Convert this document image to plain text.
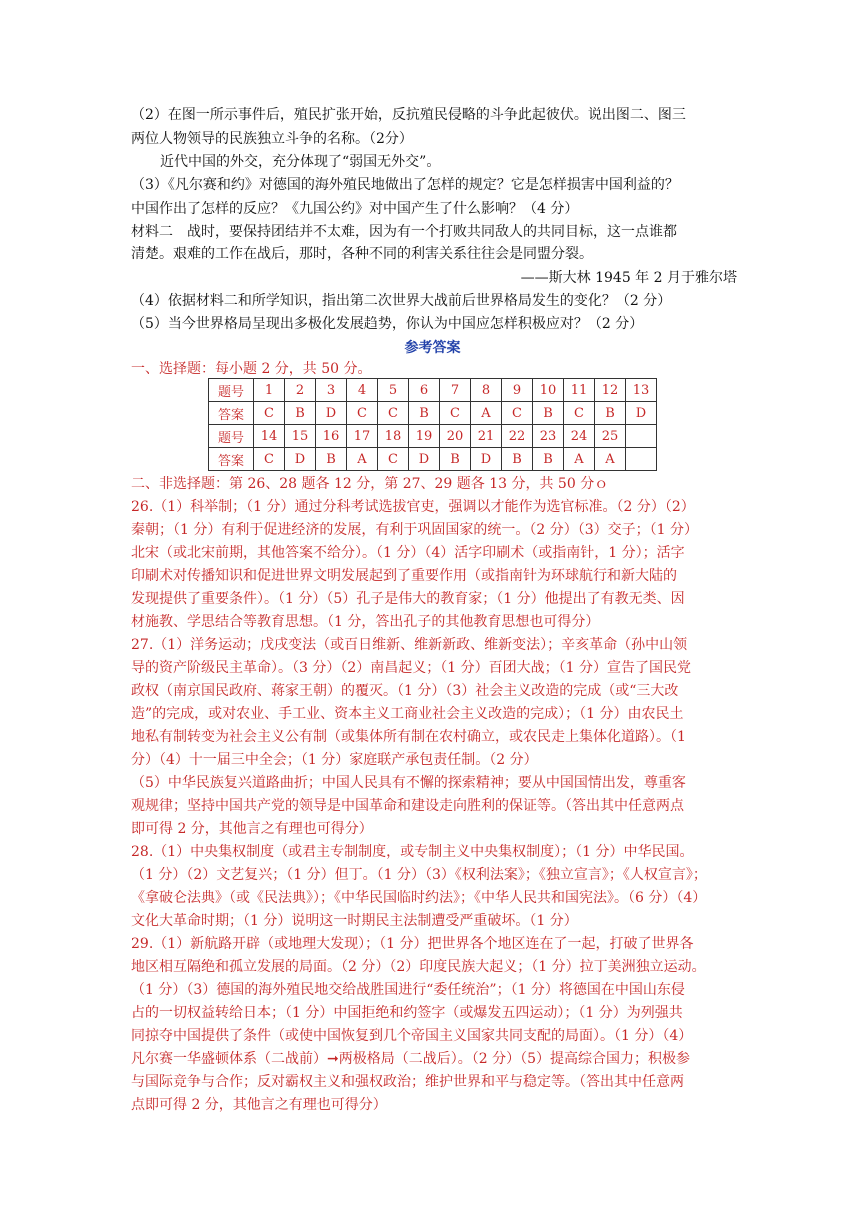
（2）在图一所示事件后，殖民扩张开始，反抗殖民侵略的斗争此起彼伏。说出图二、图三
两位人物领导的民族独立斗争的名称。（2分）
近代中国的外交，充分体现了“弱国无外交”。
（3）《凡尔赛和约》对德国的海外殖民地做出了怎样的规定？它是怎样损害中国利益的？
中国作出了怎样的反应？《九国公约》对中国产生了什么影响？（4 分）
材料二　战时，要保持团结并不太难，因为有一个打败共同敌人的共同目标，这一点谁都
清楚。艰难的工作在战后，那时，各种不同的利害关系往往会是同盟分裂。
——斯大林 1945 年 2 月于雅尔塔
（4）依据材料二和所学知识，指出第二次世界大战前后世界格局发生的变化？（2 分）
（5）当今世界格局呈现出多极化发展趋势，你认为中国应怎样积极应对？（2 分）
参考答案
一、选择题：每小题 2 分，共 50 分。
题号	1	2	3	4	5	6	7	8	9	10	11	12	13
答案	C	B	D	C	C	B	C	A	C	B	C	B	D
题号	14	15	16	17	18	19	20	21	22	23	24	25	
答案	C	D	B	A	C	D	B	D	B	B	A	A	
二、非选择题：第 26、28 题各 12 分，第 27、29 题各 13 分，共 50 分ｏ
26.（1）科举制；（1 分）通过分科考试选拔官吏，强调以才能作为选官标准。（2 分）（2）
秦朝；（1 分）有利于促进经济的发展，有利于巩固国家的统一。（2 分）（3）交子；（1 分）
北宋（或北宋前期，其他答案不给分）。（1 分）（4）活字印刷术（或指南针，1 分）；活字
印刷术对传播知识和促进世界文明发展起到了重要作用（或指南针为环球航行和新大陆的
发现提供了重要条件）。（1 分）（5）孔子是伟大的教育家；（1 分）他提出了有教无类、因
材施教、学思结合等教育思想。（1 分，答出孔子的其他教育思想也可得分）
27.（1）洋务运动；戊戌变法（或百日维新、维新新政、维新变法）；辛亥革命（孙中山领
导的资产阶级民主革命）。（3 分）（2）南昌起义；（1 分）百团大战；（1 分）宣告了国民党
政权（南京国民政府、蒋家王朝）的覆灭。（1 分）（3）社会主义改造的完成（或“三大改
造”的完成，或对农业、手工业、资本主义工商业社会主义改造的完成）；（1 分）由农民土
地私有制转变为社会主义公有制（或集体所有制在农村确立，或农民走上集体化道路）。（1
分）（4）十一届三中全会；（1 分）家庭联产承包责任制。（2 分）
（5）中华民族复兴道路曲折；中国人民具有不懈的探索精神；要从中国国情出发，尊重客
观规律；坚持中国共产党的领导是中国革命和建设走向胜利的保证等。（答出其中任意两点
即可得 2 分，其他言之有理也可得分）
28.（1）中央集权制度（或君主专制制度，或专制主义中央集权制度）；（1 分）中华民国。
（1 分）（2）文艺复兴；（1 分）但丁。（1 分）（3）《权利法案》；《独立宣言》；《人权宣言》；
《拿破仑法典》（或《民法典》）；《中华民国临时约法》；《中华人民共和国宪法》。（6 分）（4）
文化大革命时期；（1 分）说明这一时期民主法制遭受严重破坏。（1 分）
29.（1）新航路开辟（或地理大发现）；（1 分）把世界各个地区连在了一起，打破了世界各
地区相互隔绝和孤立发展的局面。（2 分）（2）印度民族大起义；（1 分）拉丁美洲独立运动。
（1 分）（3）德国的海外殖民地交给战胜国进行“委任统治”；（1 分）将德国在中国山东侵
占的一切权益转给日本；（1 分）中国拒绝和约签字（或爆发五四运动）；（1 分）为列强共
同掠夺中国提供了条件（或使中国恢复到几个帝国主义国家共同支配的局面）。（1 分）（4）
凡尔赛一华盛顿体系（二战前）➞两极格局（二战后）。（2 分）（5）提高综合国力；积极参
与国际竞争与合作；反对霸权主义和强权政治；维护世界和平与稳定等。（答出其中任意两
点即可得 2 分，其他言之有理也可得分）
